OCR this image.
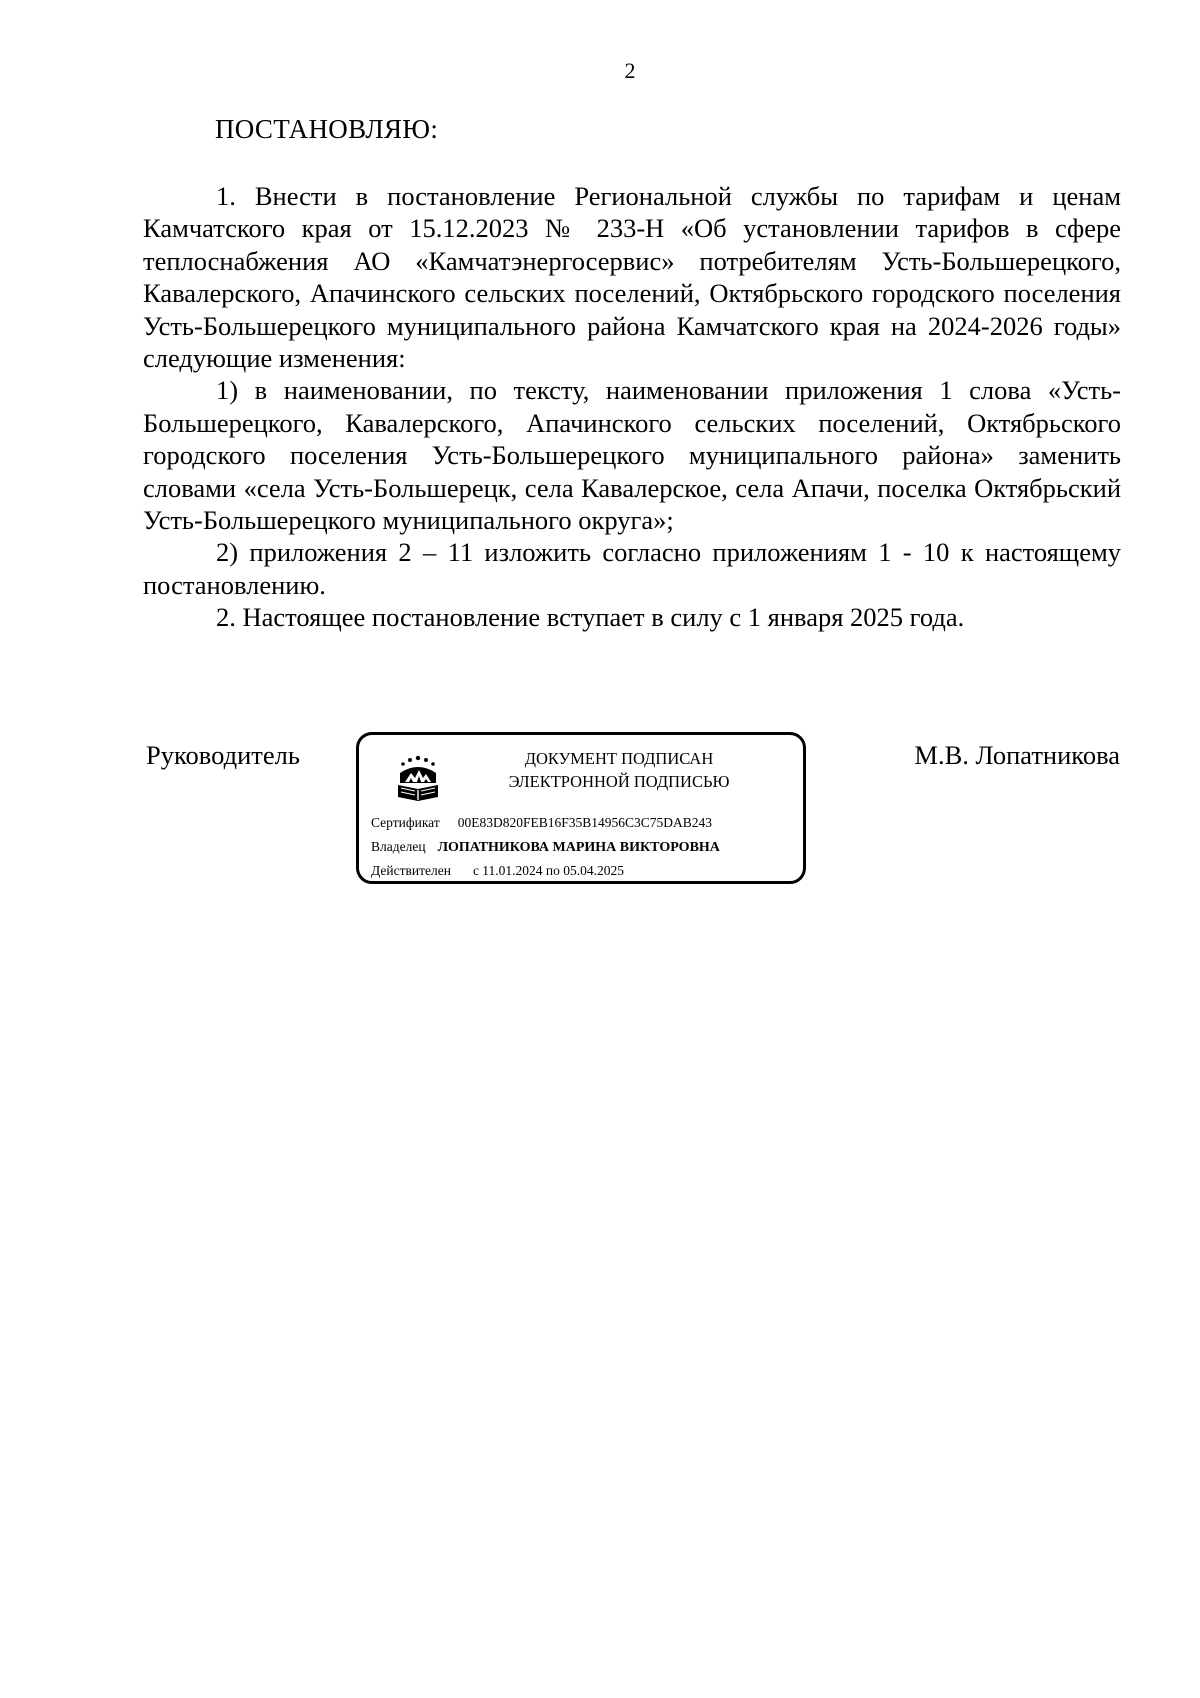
2
ПОСТАНОВЛЯЮ:

1. Внести в постановление Региональной службы по тарифам и ценам Камчатского края от 15.12.2023 № 233-Н «Об установлении тарифов в сфере теплоснабжения АО «Камчатэнергосервис» потребителям Усть-Большерецкого, Кавалерского, Апачинского сельских поселений, Октябрьского городского поселения Усть-Большерецкого муниципального района Камчатского края на 2024-2026 годы» следующие изменения:

1) в наименовании, по тексту, наименовании приложения 1 слова «Усть-Большерецкого, Кавалерского, Апачинского сельских поселений, Октябрьского городского поселения Усть-Большерецкого муниципального района» заменить словами «села Усть-Большерецк, села Кавалерское, села Апачи, поселка Октябрьский Усть-Большерецкого муниципального округа»;

2) приложения 2 – 11 изложить согласно приложениям 1 - 10 к настоящему постановлению.

2. Настоящее постановление вступает в силу с 1 января 2025 года.

Руководитель	ДОКУМЕНТ ПОДПИСАН
ЭЛЕКТРОННОЙ ПОДПИСЬЮ
Сертификат 00E83D820FEB16F35B14956C3C75DAB243
Владелец ЛОПАТНИКОВА МАРИНА ВИКТОРОВНА
Действителен с 11.01.2024 по 05.04.2025
М.В. Лопатникова
